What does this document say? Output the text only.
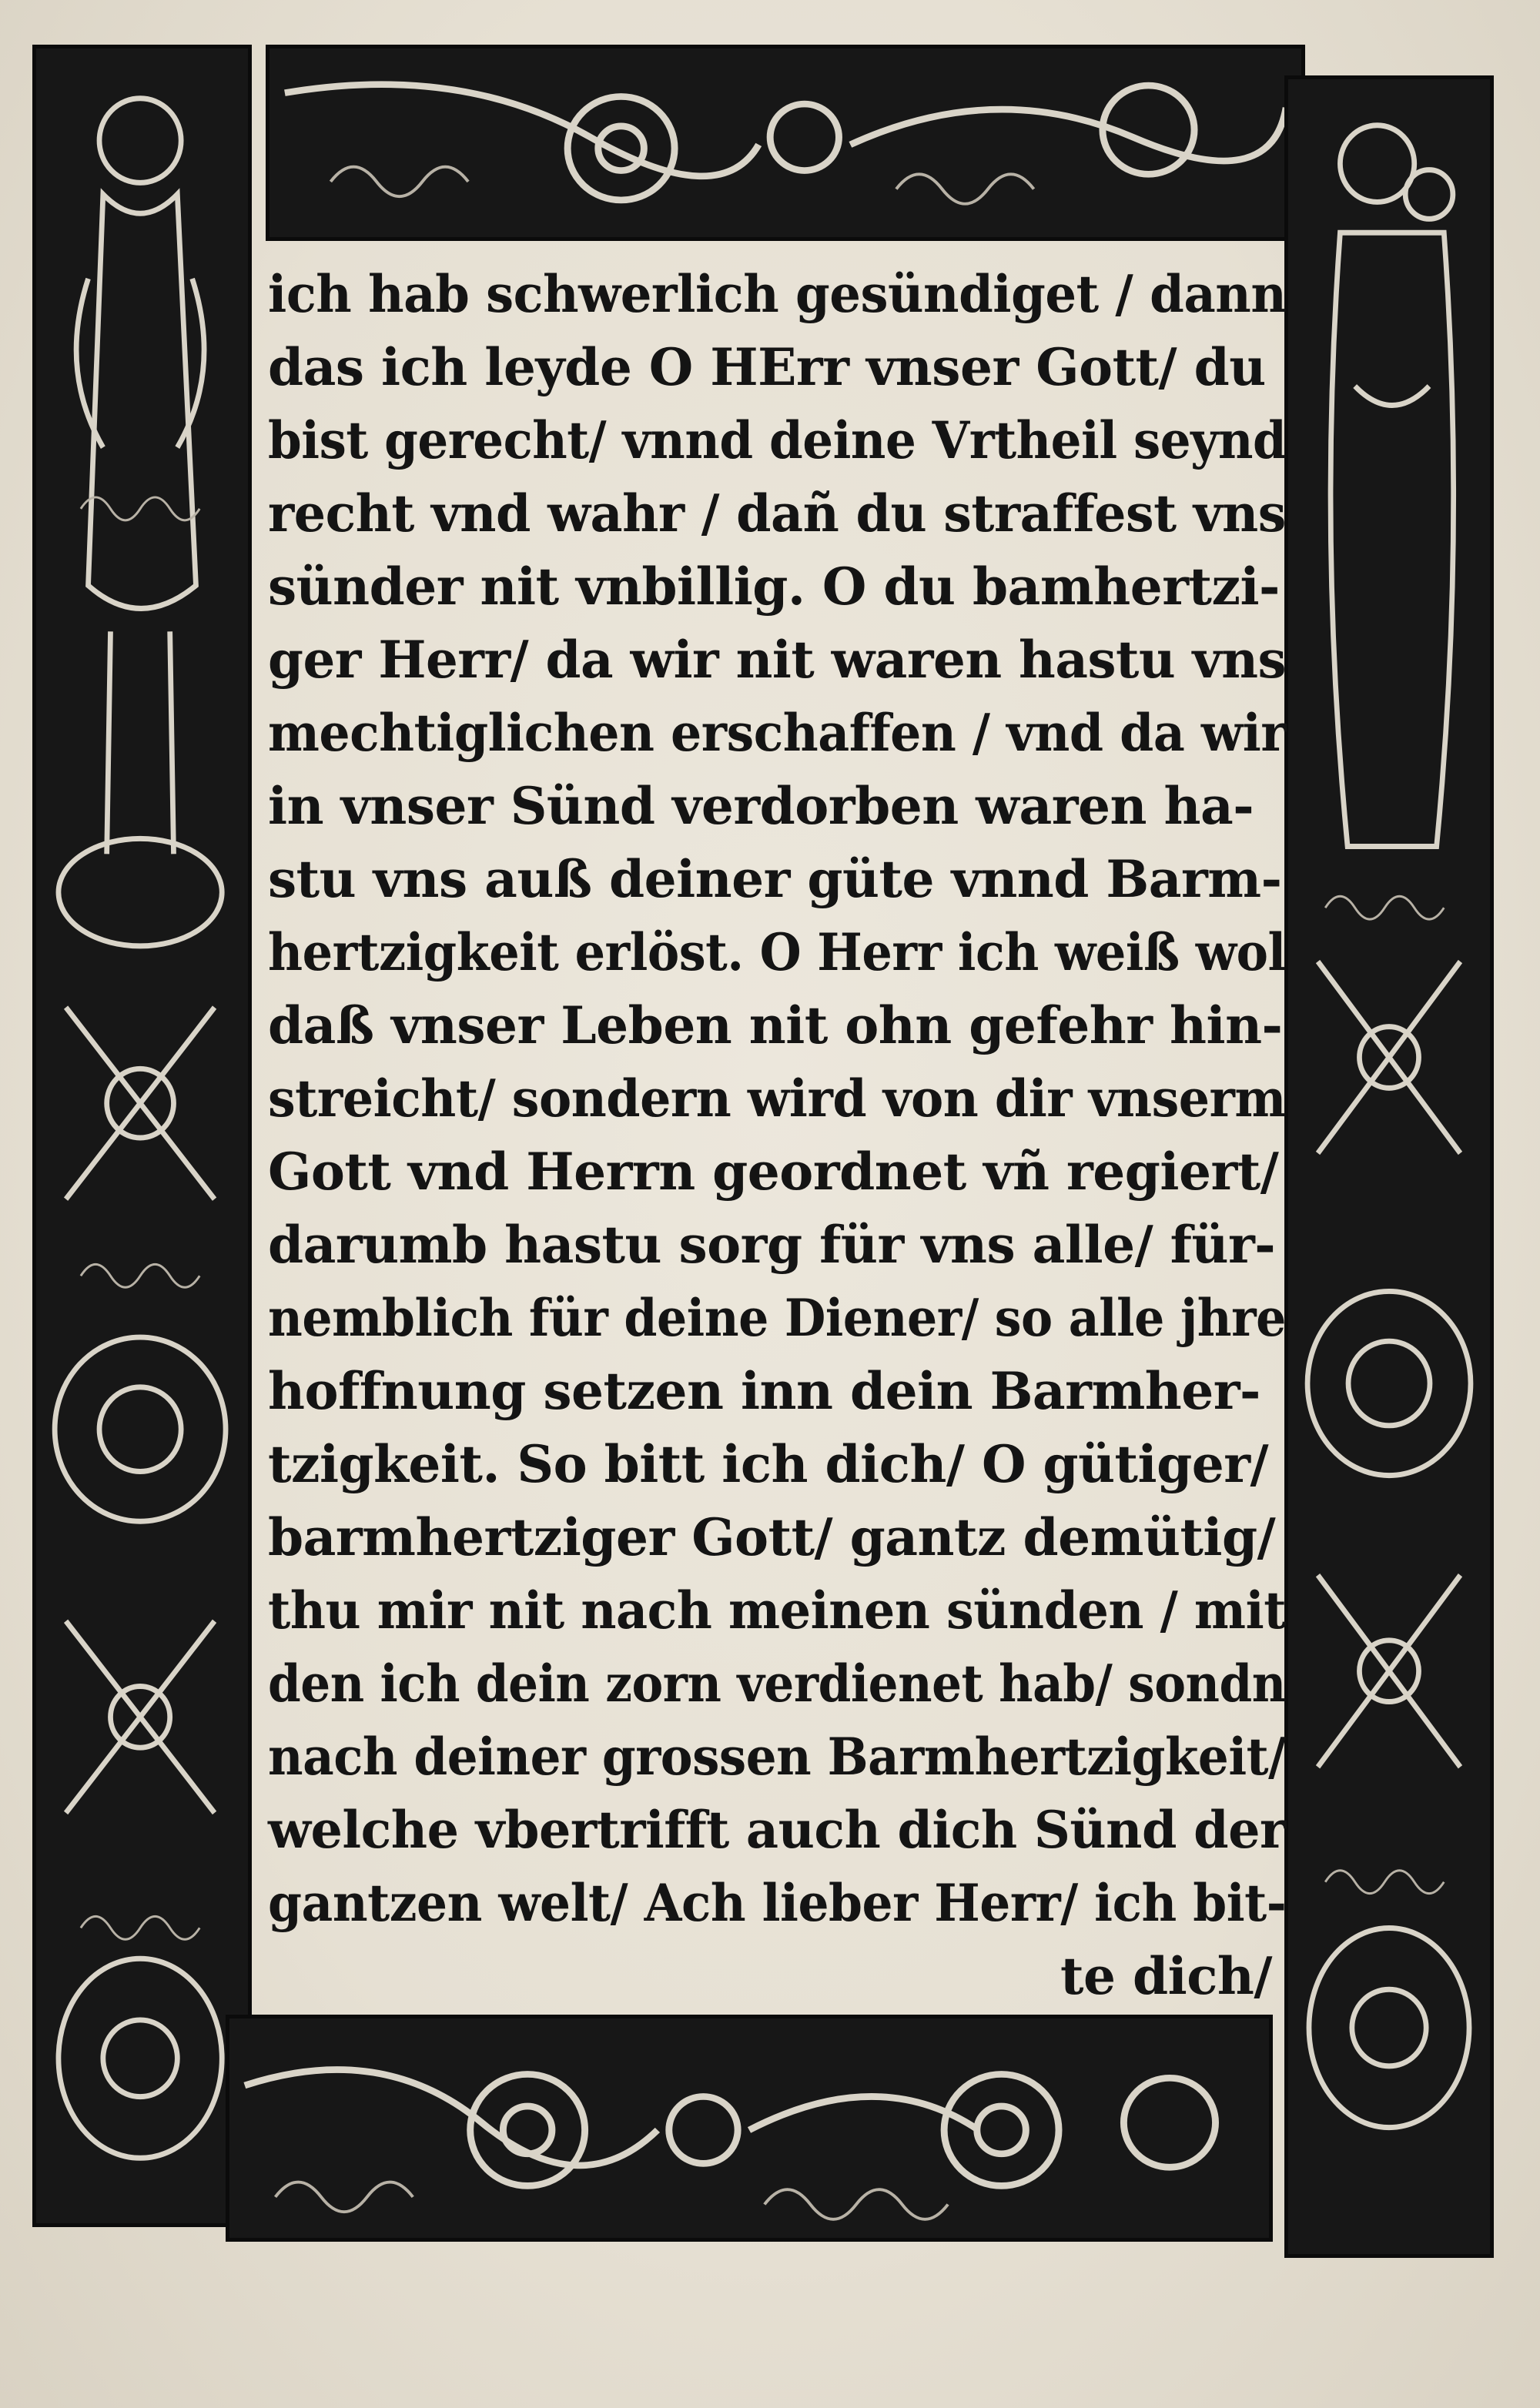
ich hab schwerlich gesündiget / dann
das ich leyde O HErr vnser Gott/ du
bist gerecht/ vnnd deine Vrtheil seynd
recht vnd wahr / dañ du straffest vns
sünder nit vnbillig. O du bamhertzi-
ger Herr/ da wir nit waren hastu vns
mechtiglichen erschaffen / vnd da wir
in vnser Sünd verdorben waren ha-
stu vns auß deiner güte vnnd Barm-
hertzigkeit erlöst. O Herr ich weiß wol
daß vnser Leben nit ohn gefehr hin-
streicht/ sondern wird von dir vnserm
Gott vnd Herrn geordnet vñ regiert/
darumb hastu sorg für vns alle/ für-
nemblich für deine Diener/ so alle jhre
hoffnung setzen inn dein Barmher-
tzigkeit. So bitt ich dich/ O gütiger/
barmhertziger Gott/ gantz demütig/
thu mir nit nach meinen sünden / mit
den ich dein zorn verdienet hab/ sondn
nach deiner grossen Barmhertzigkeit/
welche vbertrifft auch dich Sünd der
gantzen welt/ Ach lieber Herr/ ich bit-
te dich/
